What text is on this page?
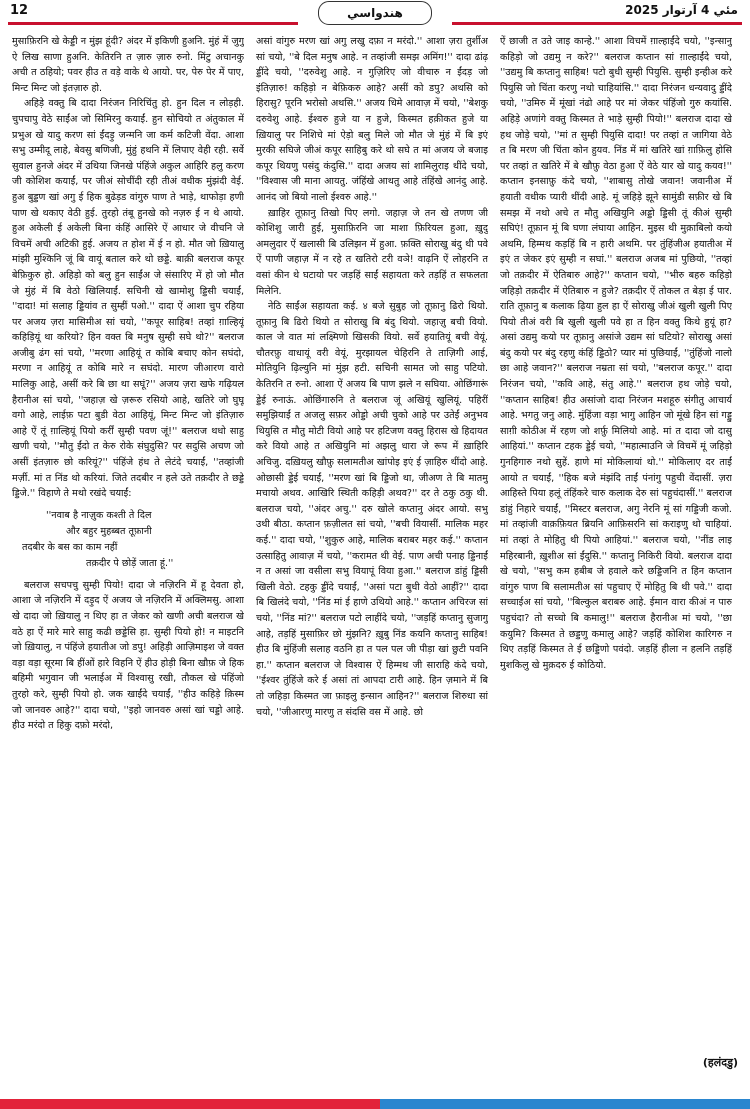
12	هندواسي	2025 مئي 4 آرتوار

मुसाफ़िरनि खे केड्डी न मुंझ हूंदी? अंदर में इकिणी हुअनि. मुंहं में जुगु ऐ लिख साणा हुअनि. केतिरनि त ज़ारु ज़ारु रुनो. मिंटु अचानकु अची त ठहियो; पवर हीउ त वड़े वाके थे आयो. पर, पेरु पेर में पाए, मिन्ट मिन्ट जो इंतज़ारु हो.

अहिड़े वक्तु बि दादा निरंजन निरिचिंतु हो. हुन दिल न लोड़ही. चुपचापु वेठे साईंअ जो सिमिरनु कयाईं. हुन सोचियो त अंतुकाल में प्रभुअ खे यादु करण सां ईंदड़ु जन्मनि जा कर्म कटिजी वेंदा. आशा सभु उम्मीदू लाहे, बेवसु बणिजी, मुंहुं हथनि में लिपाए वेही रही. सर्वे सुवाल हुनजे अंदर में उथिया जिनखे पंहिंजे अकुल आहिरि हलु करण जी कोशिश कयाईं, पर जीअं सोचींदी रही तीअं वधीक मुंझंदी वेई. हुअ बुड्डण खां अगु ई हिक बुढेड़ड वांगुरु पाण ते भाड़े, थाफोड़ा हणी पाण खे थकाए वेठी हुई. तुरहो तंबू हुनखे को नज़रु ई न थे आयो. हुअ अकेली ई अकेली बिना कंहिं आसिरे ऐं आधार जे वीचनि जे विचमें अची अटिकी हुई. अजय त होश में ई न हो. मौत जो ख़ियालु मांझी मुश्किनि जूं बि वायूं बताल करे थो छड्डे. बाक़ी बलराज कपूर बेफ़िकुरु हो. अहिड़ो को बलु हुन साईंअ जे संसारिए में हो जो मौत जे मुंहं में बि वेठो खिलियाईं. सचिनी खे खामोशु ड्डिसी चयाईं, ''दादा! मां सलाह ड्डियांव त सुम्हीं पओ.'' दादा ऐं आशा चुप रहिया पर अजय ज़रा मासिमीअ सां चयो, ''कपूर साहिब! तव्हां ग़ाल्हियूं कहिड़ियूं था करियो? हिन वक्त बि मनुष सुम्ही सघे थो?'' बलराज अजीबु ढंग सां चयो, ''मरणा आहियूं त कोबि बचाए कोन सघंदो, मरणा न आहियूं त कोबि मारे न सघंदो. मारण जीआरण वारो मालिकु आहे, असीं करे बि छा था सघूं?'' अजय ज़रा खफे गढ़ियल हैरानीअ सां चयो, ''जहाज़ खे ज़रूरु रसियो आहे, खतिरे जो घुघू वगो आहे, लाईफ़ पटा बुडी वेठा आहियूं, मिन्ट मिन्ट जो इंतिज़ारु आहे ऐं तूं ग़ाल्हियूं पियो कर्रीं सुम्ही पवण जूं!'' बलराज थधो साहु खणी चयो, ''मौतु ईंदो त केरु रोके संघुदुसि? पर सदुसि अचण जो असीं इंतज़ारु छो करियूं?'' पंहिंजे हंध ते लेटंदे चयाईं, ''तव्हांजी मर्ज़ी. मां त निंड थो करियां. जिते तदबीर न हले उते तक़दीर ते छड्डे ड्डिजे.'' विहाणे ते मथो रखंदे चयाईं:

''नवाब है नाज़ुक कश्ती ते दिल
और बहुर मुहब्बत तूफ़ानी
तदबीर के बस का काम नहीं
तक़दीर पे छोड़ें जाता हूं.''

बलराज सचपचु सुम्ही पियो! दादा जे नज़िरनि में हू देवता हो, आशा जे नज़िरनि में दड़ुद ऐं अजय जे नज़िरनि में अक्लिमसु. आशा खे दादा जो ख़ियालु न थिए हा त जेकर को खणी अची बलराज खे वठे हा ऐं मारे मारे साहु कढी छड्डेसि हा. सुम्ही पियो हो! न माइटनि जो ख़ियालु, न पंहिंजे हयातीअ जो डपु! अहिड़ी आज़िमाइश जे वक्त वड़ा वड़ा सूरमा बि हींओं हारे विहनि ऐं हीउ होड़ी बिना खौफ़ जे हिक बहिमी भगुवान जी भलाईअ में विश्वासु रखी, तौकल खे पंहिंजो तुरहो करे, सुम्ही पियो हो. जक खाईंदे चयाईं, ''हीउ कहिड़े क़िस्म जो जानवरु आहे?'' दादा चयो, ''इहो जानवरु असां खां चड्डो आहे. हीउ मरंदो त हिकु दफ़ो मरंदो,

असां वांगुरु मरण खां अगु लखु दफ़ा न मरंदो.'' आशा ज़रा तुर्शीअ सां चयो, ''बे दिल मनुष आहे. न तव्हांजी समझ अमिंग!'' दादा ढांढ़ ड्डींदे चयो, ''दरुवेशु आहे. न गुज़िरिए जो वीचारु न ईंदड़ जो इंतिज़ारु! कहिड़ो न बेफ़िकरु आहे? असीं को डपु? अथसि को हिरासु? पूरनि भरोसो अथसि.'' अजय धिमे आवाज़ में चयो, ''बेशकु दरुवेशु आहे. ईश्वरु हुजे या न हुजे, किस्मत हक़ीकत हुजे या ख़ियालु पर निशिचे मां ऐड़ो बलु मिले जो मौत जे मुंहं में बि इएं मुरकी सघिजे जीअं कपूर साहिबु करे थो सघे त मां अजय जे बजाइ कपूर थियणु पसंदु कंदुसि.'' दादा अजय सां शामिलुराइ थींदे चयो, ''विश्वास जी माना आयतु. जंहिंखे आथतु आहे तंहिंखे आनंदु आहे. आनंद जो बियो नालो ईश्वरु आहे.''

ख़ाहिर तूफ़ानु तिखो पिए लगो. जहाज़ जे तन खे तणण जी कोशिशु जारी हुई, मुसाफ़िरनि जा माशा फ़िरियल हुआ, ख़ुदु अमलुदार ऐं खलासी बि उलिझन में हुआ. फ़क्ति सोराखु बंदु थी पवे ऐं पाणी जहाज़ में न रहे त खतिरो टरी वञे! वाढ़नि ऐं लोहरनि त वसां कीन थे घटायो पर जड़हिं साईं सहायता करे तड़हिं त सफलता मिलेनि.

नेठि साईंअ सहायता कई. ४ बजे सुबुह जो तूफ़ानु ढिरो थियो. तूफ़ानु बि ढिरो थियो त सोराखु बि बंदु थियो. जहाज़ु बची वियो. काल जे वात मां लक्ष्मिणो खिसकी वियो. सर्वे हयातियूं बची वेयूं. चौतरफ़ु वाधायूं वरी वेयूं. मुरझायल चेहिरनि ते ताज़िगी आई, मोतियुनि ढ़िल्युनि मां मुंझ हटी. सचिनी सामत जो साहु पटियो. केतिरनि त रुनो. आशा ऐं अजय बि पाण झले न सघिया. ओछिंगारूं ड्डेई रुनाऊं. ओछिंगारुनि ते बलराज जूं अखियूं खुलियूं. पहिरीं समुझियाईं त अजलु सफ़र ओड्डो अची चुको आहे पर उतेईं अनुभव थियुसि त मौतु मोटी वियो आहे पर हटिजण वक्तु हिरास खे हिदायत करे वियो आहे त अखियुनि मां अझलु धारा जे रूप में ख़ाहिरि अचिजु. दख़ियलु खौफ़ु सलामतीअ खांपोइ इएं ई ज़ाहिरु थींदो आहे. ओछासी ड्डेई चयाईं, ''मरण खां बि ड्डिजो था, जीअण ते बि मातमु मचायो अथव. आखिरि स्थिती कहिड़ी अथव?'' दर ते ठकु ठकु थी. बलराज चयो, ''अंदर अचु.'' दरु खोले कप्तानु अंदर आयो. सभु उथी बीठा. कप्तान फ़ज़ीलत सां चयो, ''बची वियासीं. मालिक महर कई.'' दादा चयो, ''शुकुरु आहे, मालिक बराबर महर कई.'' कप्तान उत्साहितु आवाज़ में चयो, ''करामत थी वेई. पाण अची पनाह ड्डिनाईं न त असां जा वसीला सभु वियापूं विया हुआ.'' बलराज डांहुं ड्डिसी खिली वेठो. टहकु ड्डींदे चयाईं, ''असां पटा बुधी वेठो आहीं?'' दादा बि खिलंदे चयो, ''निंड मां ई हाणे उथियो आहे.'' कप्तान अचिरज सां चयो, ''निंड मां?'' बलराज पटो लाहींदे चयो, ''जड़हिं कप्तानु सुजागु आहे, तड़हिं मुसाफ़िर छो मुंझनि? ख़ुबु निंड कयनि कप्तानु साहिब! हीउ बि मुंहिंजी सलाह वठनि हा त पल पल जी पीड़ा खां छुटी पवनि हा.'' कप्तान बलराज जे विश्वास ऐं हिम्मथ जी साराहि कंदे चयो, ''ईश्वर तुंहिंजे करे ई असां तां आपदा टारी आहे. हिन ज़माने में बि तो जहिड़ा किस्मत जा फ़ाइलु इन्सान आहिन?'' बलराज शिरुधा सां चयो, ''जीआरणु मारणु त संदसि वस में आहे. छो

ऐं छाजी त उते जाइ कान्हे.'' आशा विचमें ग़ाल्हाईंदे चयो, ''इन्सानु कहिड़ो जो उद्यमु न करे?'' बलराज कप्तान सां ग़ाल्हाईंदे चयो, ''उद्यमु बि कप्तानु साहिब! पटो बुधी सुम्ही पियुसि. सुम्ही इन्हीअ करे पियुसि जो चिंता करणु नथो चाहियांसि.'' दादा निरंजन धन्यवादु ड्डींदे चयो, ''उमिरु में मूंखां नंढो आहे पर मां जेकर पंहिंजो गुरु कयांसि. अहिड़े अणांगे वक्तु किस्मत ते भाड़े सुम्ही पियो!'' बलराज दादा खे हथ जोड़े चयो, ''मां त सुम्ही पियुसि दादा! पर तव्हां त जागिया वेठे त बि मरण जी चिंता कोन हुयव. निंड में मां खतिरे खां ग़ाफ़िलु होसि पर तव्हां त खतिरे में बे खौफ़ु वेठा हुआ ऐं वेठे यार खे यादु कयव!'' कप्तान इनसाफ़ु कंदे चयो, ''शाबासु तोखे जवान! जवानीअ में हयाती वधीक प्यारी थींदी आहे. मूं जहिड़े झूने सामुंडी सफ़ीर खे बि समझ में नथो अचे त मौतु अखियुनि अड्डो ड्डिसी तूं कीअं सुम्ही सघिएं! तूफ़ान मूं बि घणा लंघाया आहिन. मुइस थी मुक़ाबिलो कयो अथमि, हिम्मथ कड़हिं बि न हारी अथमि. पर तुंहिंजीअ हयातीअ में इएं त जेकर इएं सुम्ही न सघां.'' बलराज अजब मां पुछियो, ''तव्हां जो तक़दीर में ऐतिबारु आहे?'' कप्तान चयो, ''भीरु बहरु कहिड़ो जहिड़ो तक़दीर में ऐतिबारु न हुजे? तक़दीर ऐं तोकल त बेड़ा ई पार. राति तूफ़ानु ब कलाक ढ़िया हुल हा ऐं सोराखु जीअं खुली खुली पिए पियो तीअं वरी बि खुली खुली पवे हा त हिन वक्तु किथे हुयूं हा? असां उद्यमु कयो पर तूफ़ानु असांजे उद्यम सां घटियो? सोराखु असां बंदु कयो पर बंदु रहणु कंहिं ड्डिठो? प्यार मां पुछियाईं, ''तुंहिंजो नालो छा आहे जवान?'' बलराज नम्रता सां चयो, ''बलराज कपूर.'' दादा निरंजन चयो, ''कवि आहे, संतु आहे.'' बलराज हथ जोड़े चयो, ''कप्तान साहिब! हीउ असांजो दादा निरंजन मशहूरु संगीतु आचार्य आहे. भगतु जनु आहे. मुंहिंजा वड़ा भागु आहिन जो मूंखे हिन सां गड्डु साग़ी कोठीअ में रहण जो शर्फ़ु मिलियो आहे. मां त दादा जो दासु आहियां.'' कप्तान टहक ड्डेई चयो, ''महात्माउनि जे विचमें मूं जहिड़ो गुनहिगारु नथो सुहें. हाणे मां मोकिलायां थो.'' मोकिलाए दर ताईं आयो त चयाईं, ''हिक बजे मंझंदि ताईं पंनांगु पहुची वेंदासीं. ज़रा आहिस्ते पिया हलूं तंहिंकरे चारु कलाक देरु सां पहुचंदासीं.'' बलराज डांहुं निहारे चयाईं, ''मिस्टर बलराज, अगु नेरनि मूं सां गड्डिजी कजो. मां तव्हांजी वाक़फ़ियत ब्रियनि आफ़िसरनि सां कराइणु थो चाहियां. मां तव्हां ते मोहितु थी पियो आहियां.'' बलराज चयो, ''नींड लाइ महिरबानी, ख़ुशीअ सां ईंदुसि.'' कप्तानु निकिरी वियो. बलराज दादा खे चयो, ''सभु कम हबीब जे हवाले करे छड्डिजनि त हिन कप्तान वांगुरु पाण बि सलामतीअ सां पहुचाए ऐं मोहितु बि थी पवे.'' दादा सच्चाईअ सां चयो, ''बिल्कुल बराबरु आहे. ईमान वारा कीअं न पारु पहुचंदा? तो सच्चो बि कमालु!'' बलराज हैरानीअ मां चयो, ''छा कयुमि? किस्मत ते छड्डणु कमालु आहे? जड़हिं कोशिश कारिगरु न थिए तड़हिं किस्मत ते ई छड्डिणो पवंदो. जड़हिं हीला न हलनि तड़हिं मुशकिलु खे मुक़दरु ई कोठियो.

(हलंदडु)
